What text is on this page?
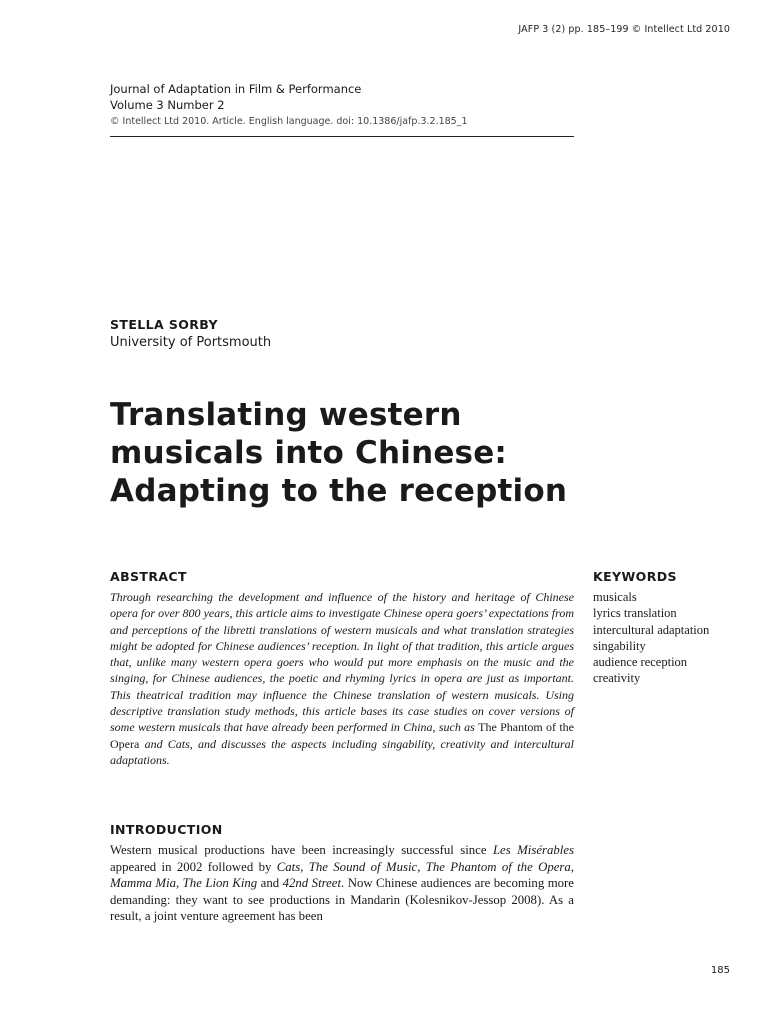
JAFP 3 (2) pp. 185–199 © Intellect Ltd 2010
Journal of Adaptation in Film & Performance
Volume 3 Number 2
© Intellect Ltd 2010. Article. English language. doi: 10.1386/jafp.3.2.185_1
STELLA SORBY
University of Portsmouth
Translating western
musicals into Chinese:
Adapting to the reception
ABSTRACT
Through researching the development and influence of the history and heritage of Chinese opera for over 800 years, this article aims to investigate Chinese opera goers’ expectations from and perceptions of the libretti translations of western musicals and what translation strategies might be adopted for Chinese audiences’ reception. In light of that tradition, this article argues that, unlike many western opera goers who would put more emphasis on the music and the singing, for Chinese audiences, the poetic and rhyming lyrics in opera are just as important. This theatrical tradition may influence the Chinese translation of western musicals. Using descriptive translation study methods, this article bases its case studies on cover versions of some western musicals that have already been performed in China, such as The Phantom of the Opera and Cats, and discusses the aspects including singability, creativity and intercultural adaptations.
KEYWORDS
musicals
lyrics translation
intercultural adaptation
singability
audience reception
creativity
INTRODUCTION
Western musical productions have been increasingly successful since Les Misérables appeared in 2002 followed by Cats, The Sound of Music, The Phantom of the Opera, Mamma Mia, The Lion King and 42nd Street. Now Chinese audiences are becoming more demanding: they want to see productions in Mandarin (Kolesnikov-Jessop 2008). As a result, a joint venture agreement has been
185
